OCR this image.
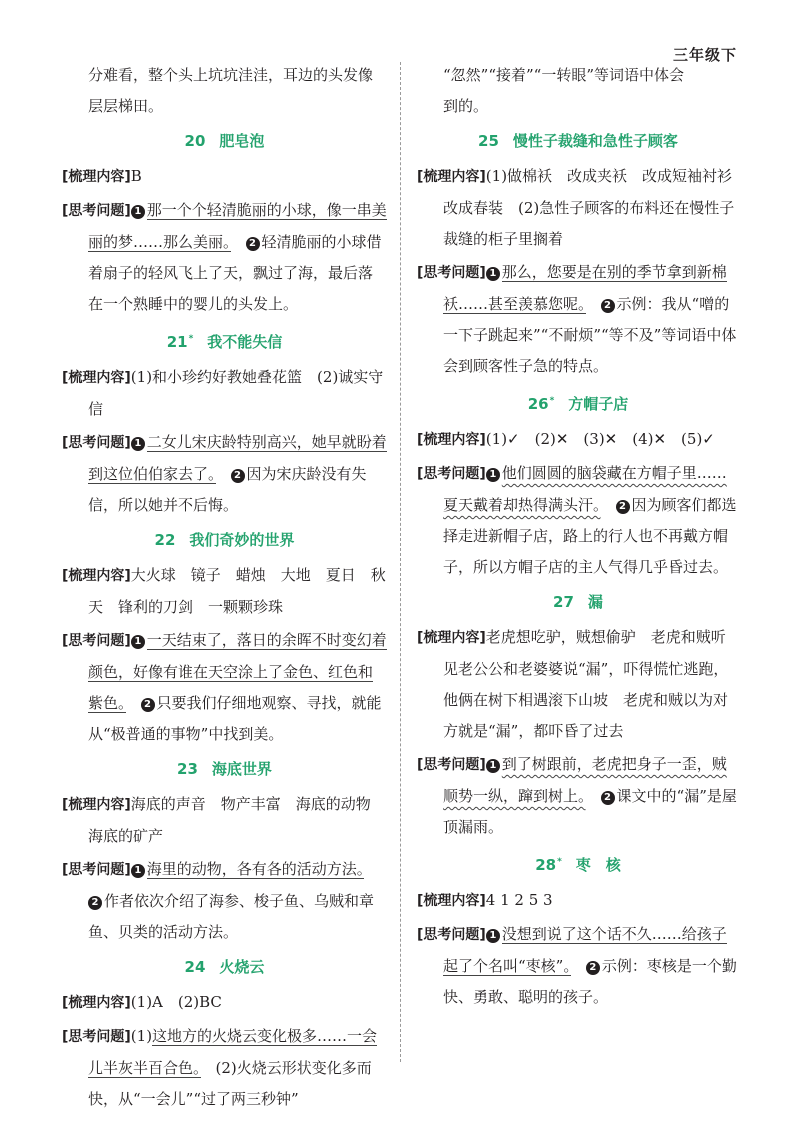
三年级下

分难看，整个头上坑坑洼洼，耳边的头发像

层层梯田。

20 肥皂泡

[梳理内容]B

[思考问题] 1 那一个个轻清脆丽的小球，像一串美丽的梦……那么美丽。　 2 轻清脆丽的小球借着扇子的轻风飞上了天，飘过了海，最后落在一个熟睡中的婴儿的头发上。

21* 我不能失信

[梳理内容](1)和小珍约好教她叠花篮　(2)诚实守信

[思考问题] 1 二女儿宋庆龄特别高兴，她早就盼着到这位伯伯家去了。　 2 因为宋庆龄没有失信，所以她并不后悔。

22 我们奇妙的世界

[梳理内容]大火球　镜子　蜡烛　大地　夏日　秋天　锋利的刀剑　一颗颗珍珠

[思考问题] 1 一天结束了，落日的余晖不时变幻着颜色，好像有谁在天空涂上了金色、红色和紫色。　 2 只要我们仔细地观察、寻找，就能从“极普通的事物”中找到美。

23 海底世界

[梳理内容]海底的声音　物产丰富　海底的动物　海底的矿产

[思考问题] 1 海里的动物，各有各的活动方法。　2 作者依次介绍了海参、梭子鱼、乌贼和章鱼、贝类的活动方法。

24 火烧云

[梳理内容](1)A　(2)BC

[思考问题](1)这地方的火烧云变化极多……一会儿半灰半百合色。　 (2)火烧云形状变化多而快，从“一会儿”“过了两三秒钟”

“忽然”“接着”“一转眼”等词语中体会

到的。

25 慢性子裁缝和急性子顾客

[梳理内容](1)做棉袄　改成夹袄　改成短袖衬衫　改成春装　(2)急性子顾客的布料还在慢性子裁缝的柜子里搁着

[思考问题] 1 那么，您要是在别的季节拿到新棉袄……甚至羡慕您呢。　 2 示例：我从“噌的一下子跳起来”“不耐烦”“等不及”等词语中体会到顾客性子急的特点。

26* 方帽子店

[梳理内容](1)✓　(2)✕　(3)✕　(4)✕　(5)✓

[思考问题] 1 他们圆圆的脑袋藏在方帽子里……夏天戴着却热得满头汗。　 2 因为顾客们都选择走进新帽子店，路上的行人也不再戴方帽子，所以方帽子店的主人气得几乎昏过去。

27 漏

[梳理内容]老虎想吃驴，贼想偷驴　老虎和贼听见老公公和老婆婆说“漏”，吓得慌忙逃跑，他俩在树下相遇滚下山坡　老虎和贼以为对方就是“漏”，都吓昏了过去

[思考问题] 1 到了树跟前，老虎把身子一歪，贼顺势一纵，蹿到树上。　 2 课文中的“漏”是屋顶漏雨。

28* 枣　核

[梳理内容]4 1 2 5 3

[思考问题] 1 没想到说了这个话不久……给孩子起了个名叫“枣核”。　 2 示例：枣核是一个勤快、勇敢、聪明的孩子。
